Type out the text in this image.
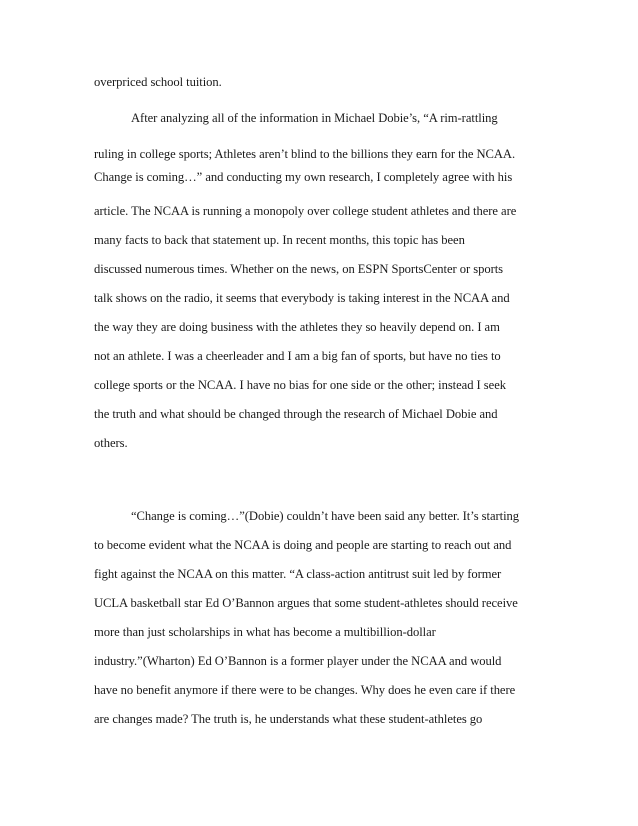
overpriced school tuition.

After analyzing all of the information in Michael Dobie’s, “A rim-rattling

ruling in college sports; Athletes aren’t blind to the billions they earn for the NCAA.

Change is coming…” and conducting my own research, I completely agree with his

article. The NCAA is running a monopoly over college student athletes and there are

many facts to back that statement up. In recent months, this topic has been

discussed numerous times. Whether on the news, on ESPN SportsCenter or sports

talk shows on the radio, it seems that everybody is taking interest in the NCAA and

the way they are doing business with the athletes they so heavily depend on. I am

not an athlete. I was a cheerleader and I am a big fan of sports, but have no ties to

college sports or the NCAA. I have no bias for one side or the other; instead I seek

the truth and what should be changed through the research of Michael Dobie and

others.

“Change is coming…”(Dobie) couldn’t have been said any better. It’s starting

to become evident what the NCAA is doing and people are starting to reach out and

fight against the NCAA on this matter. “A class-action antitrust suit led by former

UCLA basketball star Ed O’Bannon argues that some student-athletes should receive

more than just scholarships in what has become a multibillion-dollar

industry.”(Wharton) Ed O’Bannon is a former player under the NCAA and would

have no benefit anymore if there were to be changes. Why does he even care if there

are changes made? The truth is, he understands what these student-athletes go
